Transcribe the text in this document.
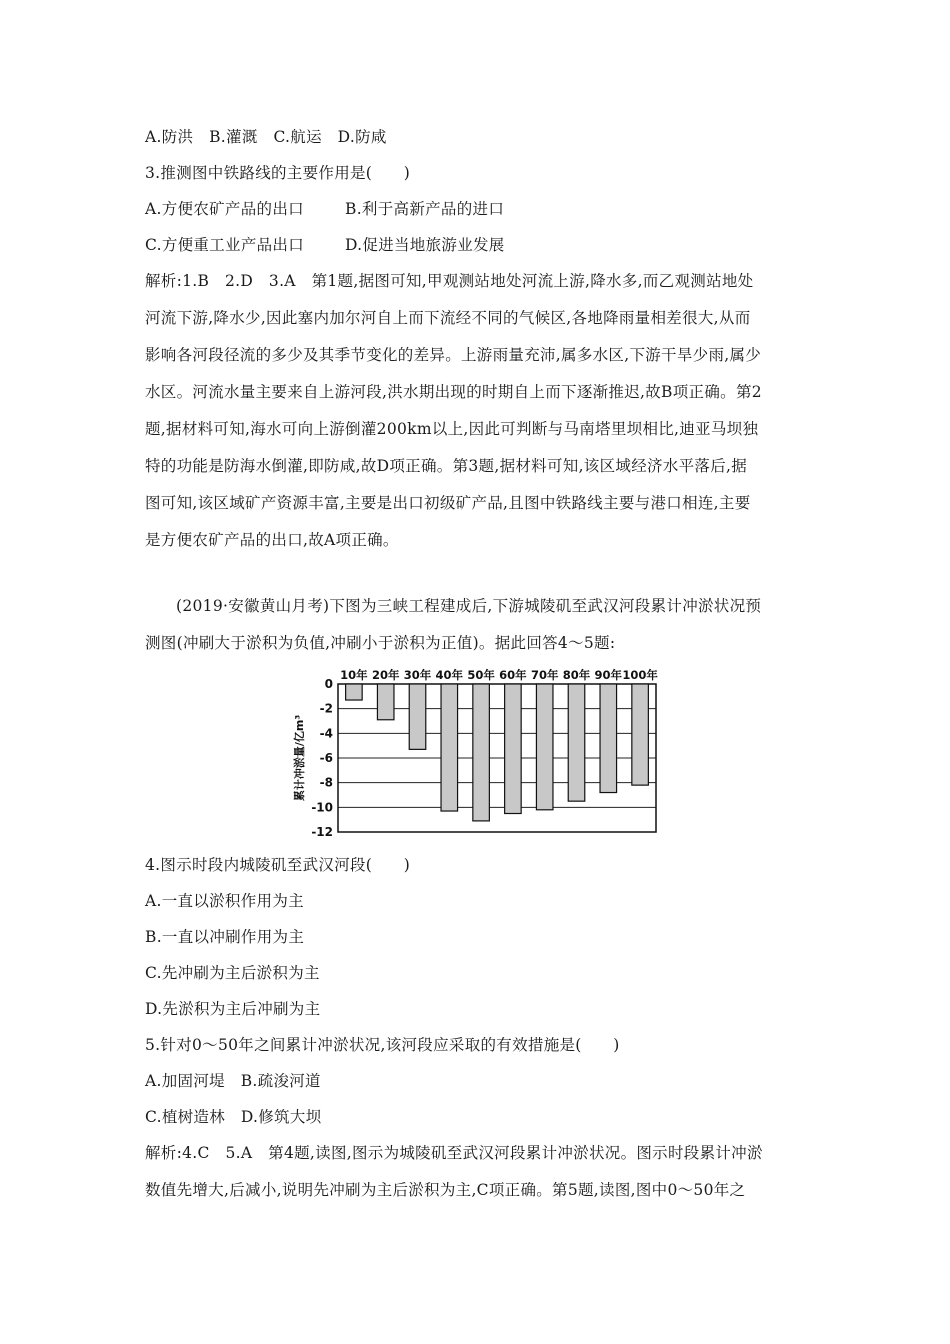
A.防洪　B.灌溉　C.航运　D.防咸
3.推测图中铁路线的主要作用是(　　)
A.方便农矿产品的出口	B.利于高新产品的进口
C.方便重工业产品出口	D.促进当地旅游业发展
解析:1.B　2.D　3.A　第1题,据图可知,甲观测站地处河流上游,降水多,而乙观测站地处
河流下游,降水少,因此塞内加尔河自上而下流经不同的气候区,各地降雨量相差很大,从而
影响各河段径流的多少及其季节变化的差异。上游雨量充沛,属多水区,下游干旱少雨,属少
水区。河流水量主要来自上游河段,洪水期出现的时期自上而下逐渐推迟,故B项正确。第2
题,据材料可知,海水可向上游倒灌200km以上,因此可判断与马南塔里坝相比,迪亚马坝独
特的功能是防海水倒灌,即防咸,故D项正确。第3题,据材料可知,该区域经济水平落后,据
图可知,该区域矿产资源丰富,主要是出口初级矿产品,且图中铁路线主要与港口相连,主要
是方便农矿产品的出口,故A项正确。
(2019·安徽黄山月考)下图为三峡工程建成后,下游城陵矶至武汉河段累计冲淤状况预
测图(冲刷大于淤积为负值,冲刷小于淤积为正值)。据此回答4～5题:
0
-2
-4
-6
-8
-10
-12
10年 20年 30年 40年 50年 60年 70年 80年 90年 100年
累计冲淤量/亿m³
4.图示时段内城陵矶至武汉河段(　　)
A.一直以淤积作用为主
B.一直以冲刷作用为主
C.先冲刷为主后淤积为主
D.先淤积为主后冲刷为主
5.针对0～50年之间累计冲淤状况,该河段应采取的有效措施是(　　)
A.加固河堤　B.疏浚河道
C.植树造林　D.修筑大坝
解析:4.C　5.A　第4题,读图,图示为城陵矶至武汉河段累计冲淤状况。图示时段累计冲淤
数值先增大,后减小,说明先冲刷为主后淤积为主,C项正确。第5题,读图,图中0～50年之
